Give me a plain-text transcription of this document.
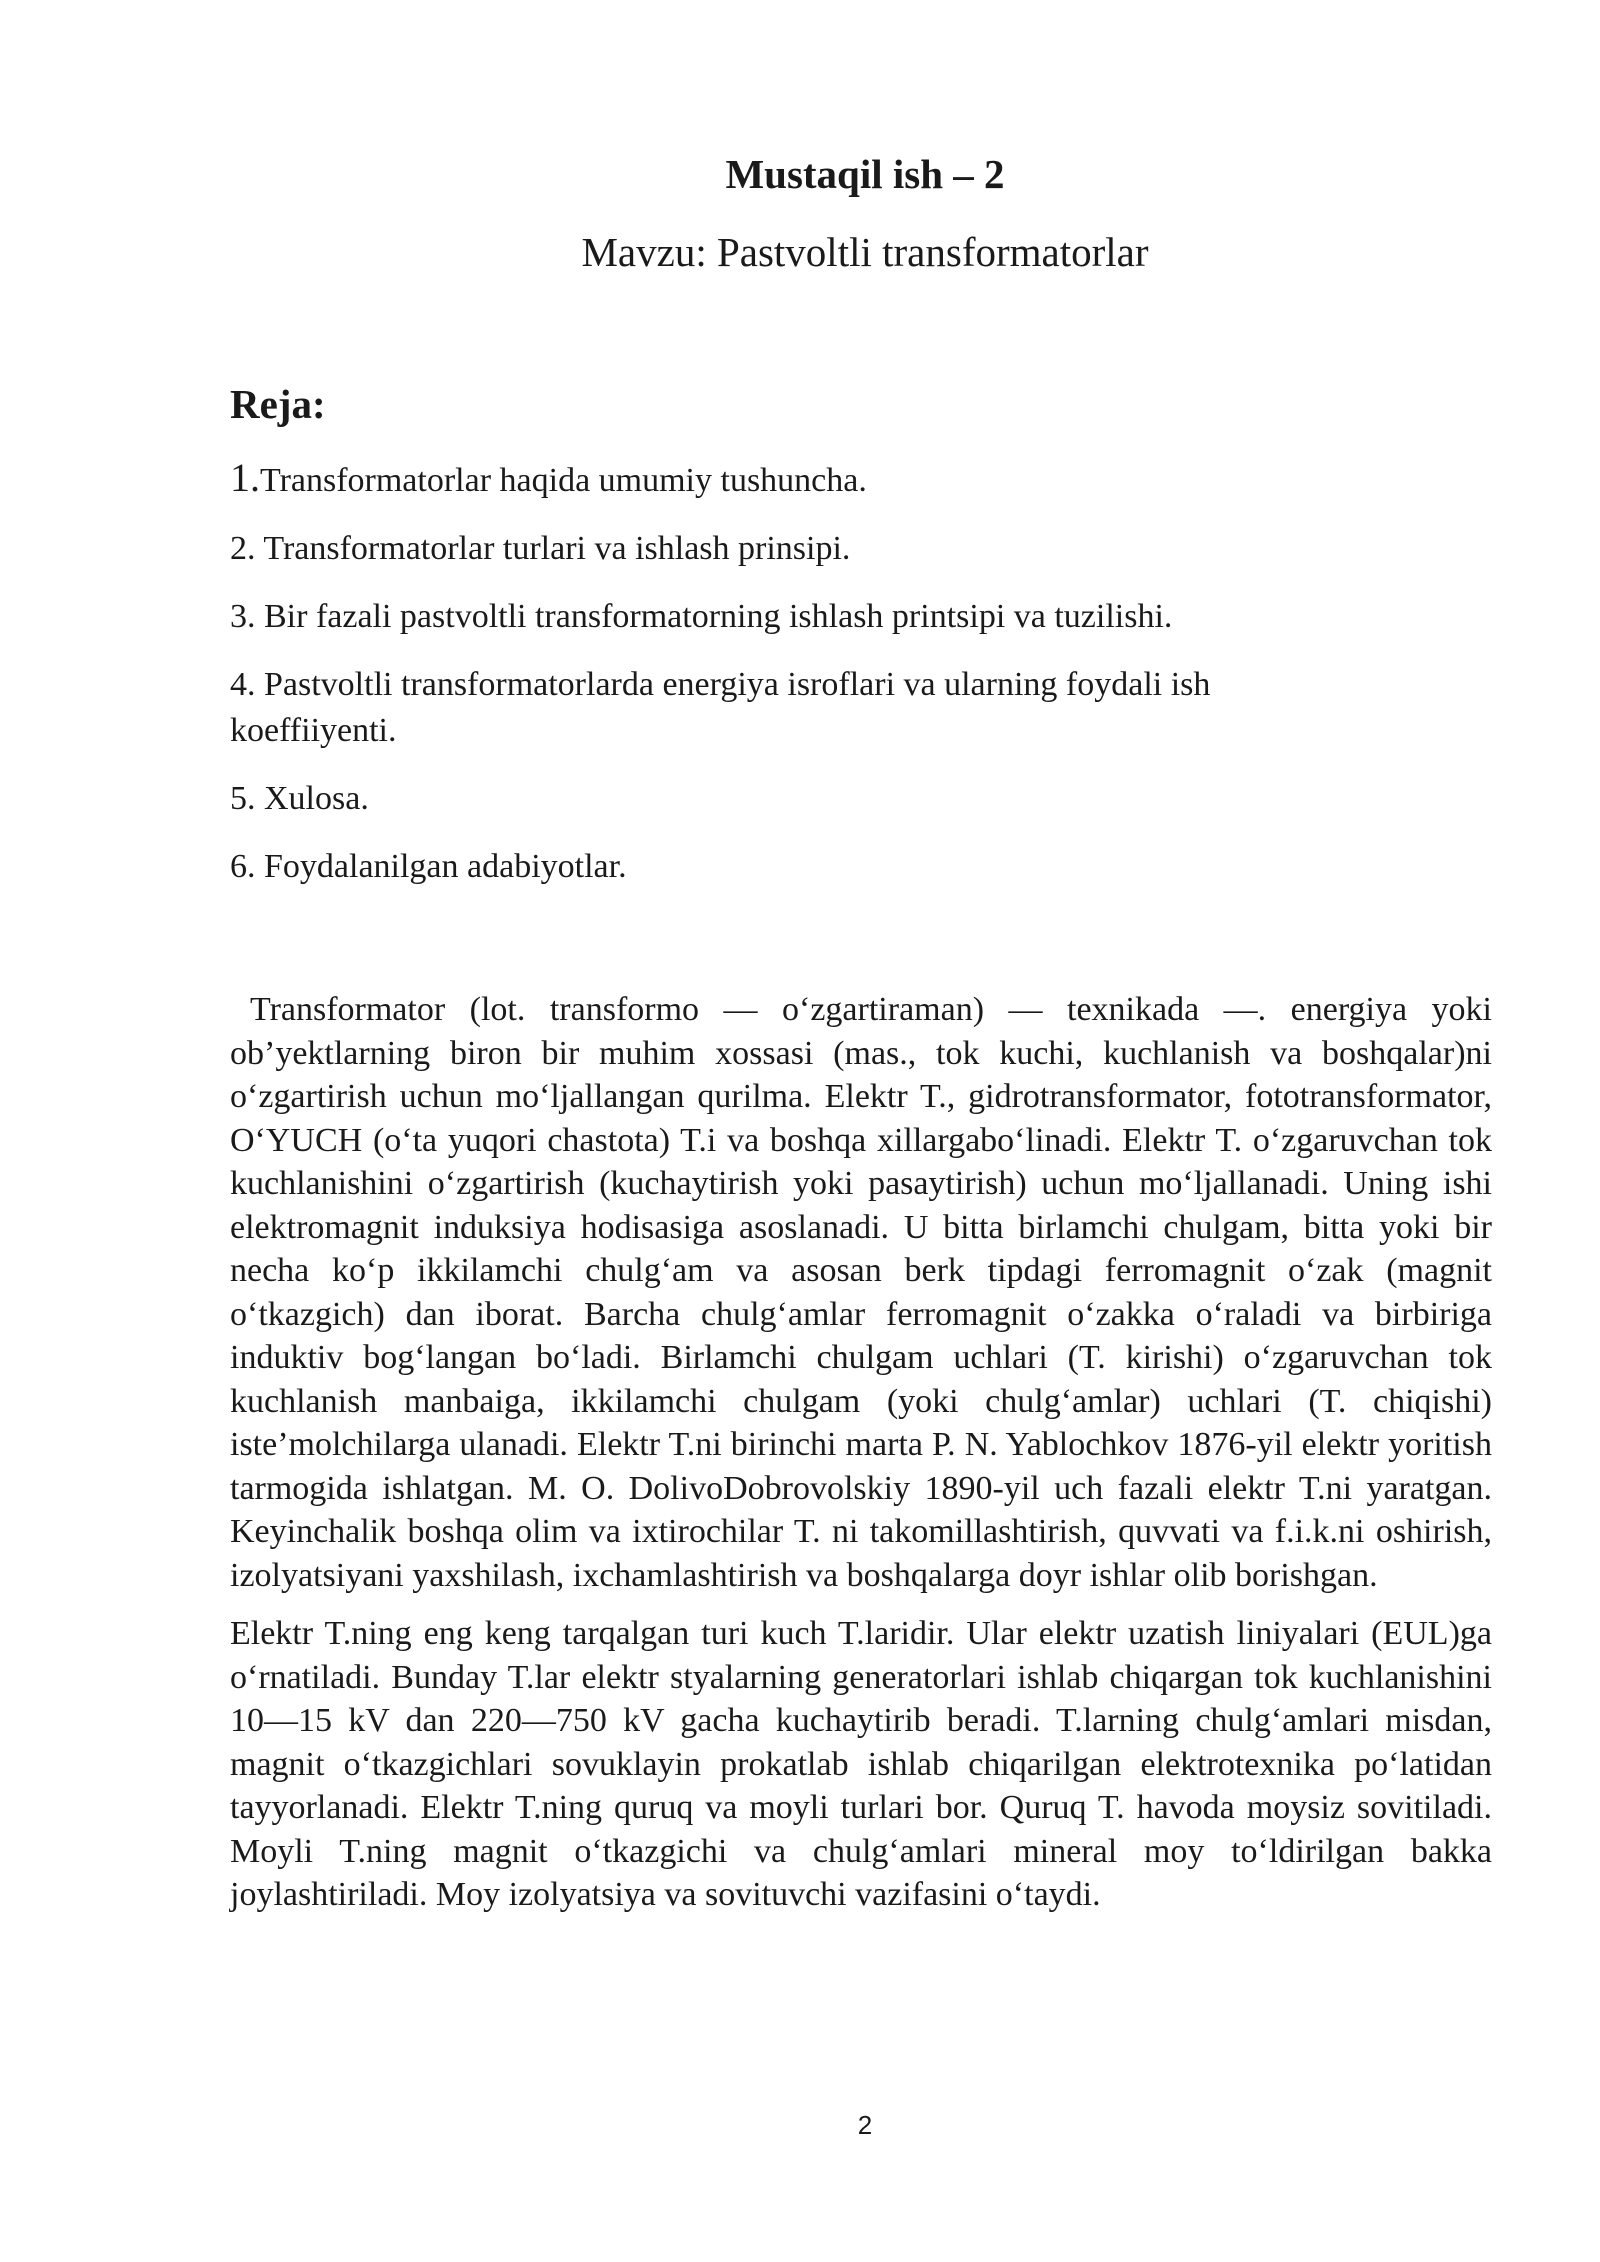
Mustaqil ish – 2
Mavzu: Pastvoltli transformatorlar
Reja:
1.Transformatorlar haqida umumiy tushuncha.
2. Transformatorlar turlari va ishlash prinsipi.
3. Bir fazali pastvoltli transformatorning ishlash printsipi va tuzilishi.
4. Pastvoltli transformatorlarda energiya isroflari va ularning foydali ish koeffiiyenti.
5. Xulosa.
6. Foydalanilgan adabiyotlar.

Transformator (lot. transformo — o‘zgartiraman) — texnikada —. energiya yoki ob’yektlarning biron bir muhim xossasi (mas., tok kuchi, kuchlanish va boshqalar)ni o‘zgartirish uchun mo‘ljallangan qurilma. Elektr T., gidrotransformator, fototransformator, O‘YUCH (o‘ta yuqori chastota) T.i va boshqa xillargabo‘linadi. Elektr T. o‘zgaruvchan tok kuchlanishini o‘zgartirish (kuchaytirish yoki pasaytirish) uchun mo‘ljallanadi. Uning ishi elektromagnit induksiya hodisasiga asoslanadi. U bitta birlamchi chulgam, bitta yoki bir necha ko‘p ikkilamchi chulg‘am va asosan berk tipdagi ferromagnit o‘zak (magnit o‘tkazgich) dan iborat. Barcha chulg‘amlar ferromagnit o‘zakka o‘raladi va birbiriga induktiv bog‘langan bo‘ladi. Birlamchi chulgam uchlari (T. kirishi) o‘zgaruvchan tok kuchlanish manbaiga, ikkilamchi chulgam (yoki chulg‘amlar) uchlari (T. chiqishi) iste’molchilarga ulanadi. Elektr T.ni birinchi marta P. N. Yablochkov 1876-yil elektr yoritish tarmogida ishlatgan. M. O. DolivoDobrovolskiy 1890-yil uch fazali elektr T.ni yaratgan. Keyinchalik boshqa olim va ixtirochilar T. ni takomillashtirish, quvvati va f.i.k.ni oshirish, izolyatsiyani yaxshilash, ixchamlashtirish va boshqalarga doyr ishlar olib borishgan.

Elektr T.ning eng keng tarqalgan turi kuch T.laridir. Ular elektr uzatish liniyalari (EUL)ga o‘rnatiladi. Bunday T.lar elektr styalarning generatorlari ishlab chiqargan tok kuchlanishini 10—15 kV dan 220—750 kV gacha kuchaytirib beradi. T.larning chulg‘amlari misdan, magnit o‘tkazgichlari sovuklayin prokatlab ishlab chiqarilgan elektrotexnika po‘latidan tayyorlanadi. Elektr T.ning quruq va moyli turlari bor. Quruq T. havoda moysiz sovitiladi. Moyli T.ning magnit o‘tkazgichi va chulg‘amlari mineral moy to‘ldirilgan bakka joylashtiriladi. Moy izolyatsiya va sovituvchi vazifasini o‘taydi.

2
